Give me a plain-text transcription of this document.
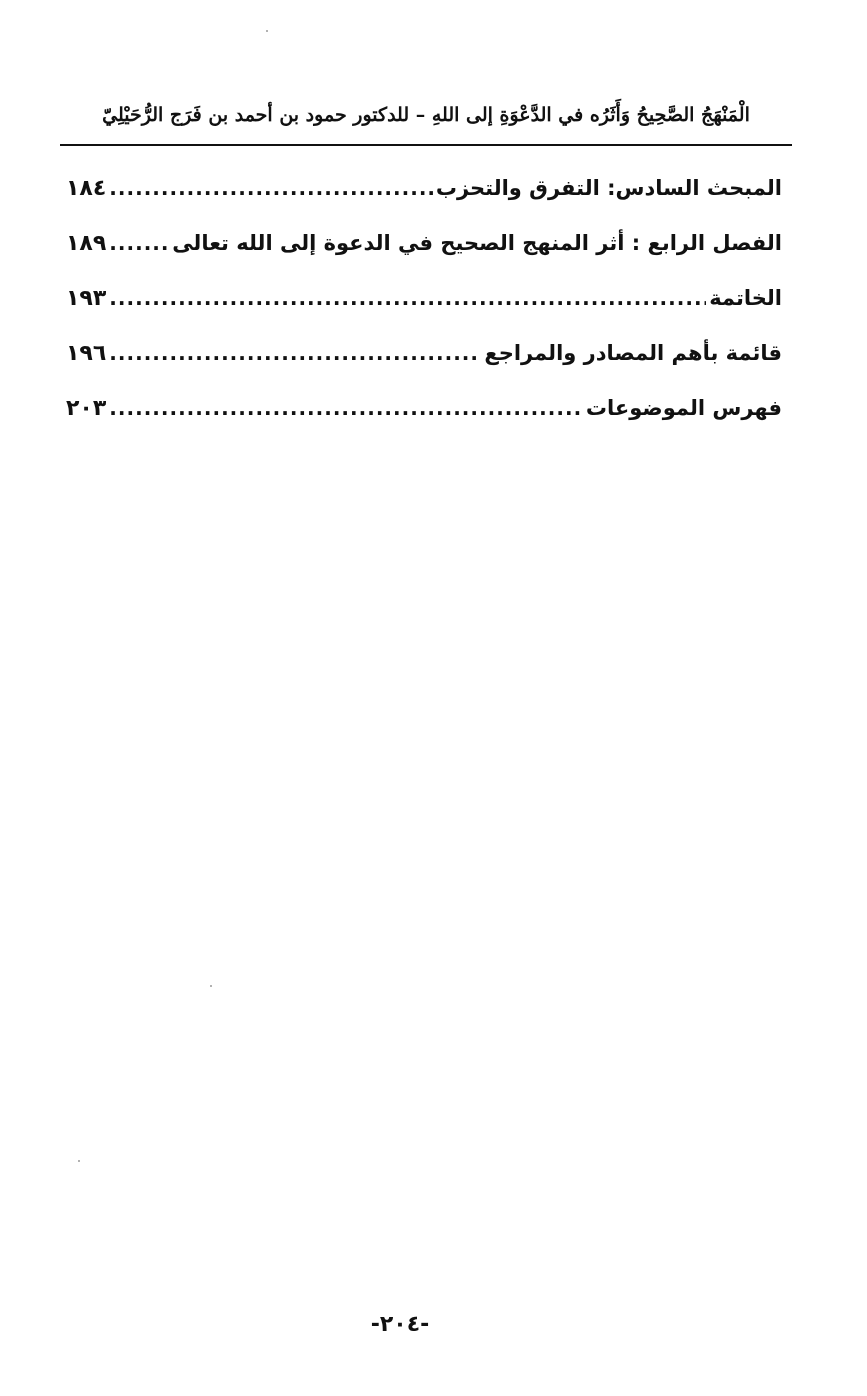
الْمَنْهَجُ الصَّحِيحُ وَأَثَرُه في الدَّعْوَةِ إلى اللهِ – للدكتور حمود بن أحمد بن فَرَج الرُّحَيْلِيّ
المبحث السادس: التفرق والتحزب
.....
١٨٤
الفصل الرابع : أثر المنهج الصحيح في الدعوة إلى الله تعالى
.....
١٨٩
الخاتمة
.....
١٩٣
قائمة بأهم المصادر والمراجع
.....
١٩٦
فهرس الموضوعات
.....
٢٠٣
-٢٠٤-
